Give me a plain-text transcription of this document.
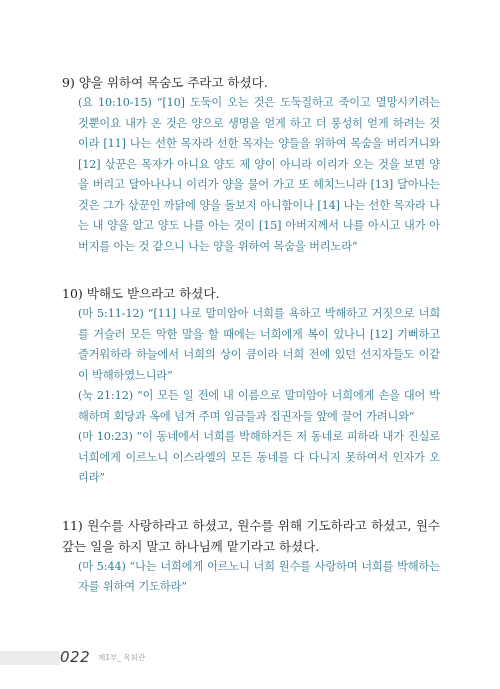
9) 양을 위하여 목숨도 주라고 하셨다.

(요 10:10-15) “[10] 도둑이 오는 것은 도둑질하고 죽이고 멸망시키려는 것뿐이요 내가 온 것은 양으로 생명을 얻게 하고 더 풍성히 얻게 하려는 것이라 [11] 나는 선한 목자라 선한 목자는 양들을 위하여 목숨을 버리거니와 [12] 삯꾼은 목자가 아니요 양도 제 양이 아니라 이리가 오는 것을 보면 양을 버리고 달아나나니 이리가 양을 물어 가고 또 헤치느니라 [13] 달아나는 것은 그가 삯꾼인 까닭에 양을 돌보지 아니함이나 [14] 나는 선한 목자라 나는 내 양을 알고 양도 나를 아는 것이 [15] 아버지께서 나를 아시고 내가 아버지를 아는 것 같으니 나는 양을 위하여 목숨을 버리노라”

10) 박해도 받으라고 하셨다.

(마 5:11-12) “[11] 나로 말미암아 너희를 욕하고 박해하고 거짓으로 너희를 거슬러 모든 악한 말을 할 때에는 너희에게 복이 있나니 [12] 기뻐하고 즐거워하라 하늘에서 너희의 상이 큼이라 너희 전에 있던 선지자들도 이같이 박해하였느니라”

(눅 21:12) “이 모든 일 전에 내 이름으로 말미암아 너희에게 손을 대어 박해하며 회당과 옥에 넘겨 주며 임금들과 집권자들 앞에 끌어 가려니와”

(마 10:23) “이 동네에서 너희를 박해하거든 저 동네로 피하라 내가 진실로 너희에게 이르노니 이스라엘의 모든 동네를 다 다니지 못하여서 인자가 오리라”

11) 원수를 사랑하라고 하셨고, 원수를 위해 기도하라고 하셨고, 원수갚는 일을 하지 말고 하나님께 맡기라고 하셨다.

(마 5:44) “나는 너희에게 이르노니 너희 원수를 사랑하며 너희를 박해하는 자를 위하여 기도하라”

022 제1부_ 목회관
